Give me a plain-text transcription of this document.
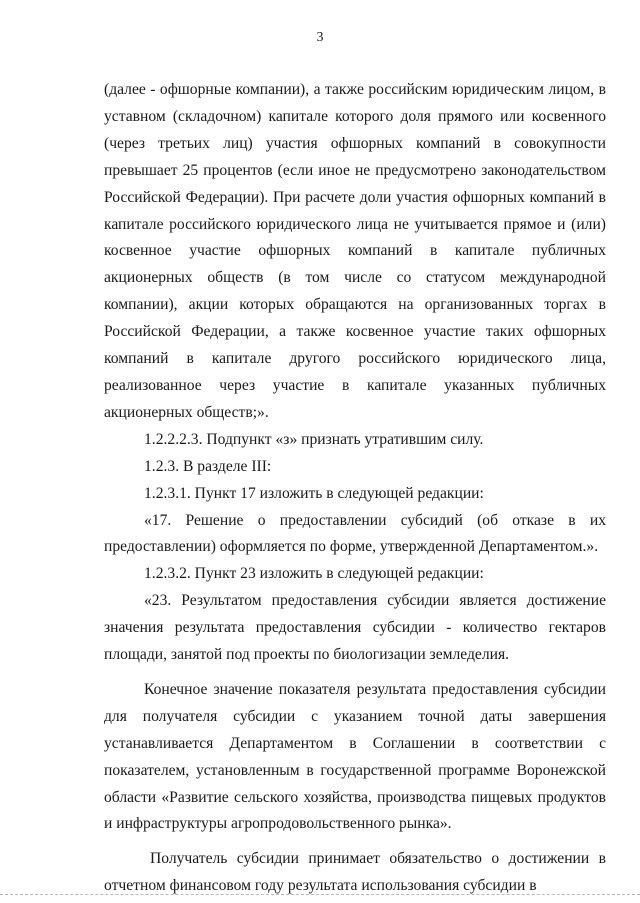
3

(далее - офшорные компании), а также российским юридическим лицом, в уставном (складочном) капитале которого доля прямого или косвенного (через третьих лиц) участия офшорных компаний в совокупности превышает 25 процентов (если иное не предусмотрено законодательством Российской Федерации). При расчете доли участия офшорных компаний в капитале российского юридического лица не учитывается прямое и (или) косвенное участие офшорных компаний в капитале публичных акционерных обществ (в том числе со статусом международной компании), акции которых обращаются на организованных торгах в Российской Федерации, а также косвенное участие таких офшорных компаний в капитале другого российского юридического лица, реализованное через участие в капитале указанных публичных акционерных обществ;».

1.2.2.2.3. Подпункт «з» признать утратившим силу.

1.2.3. В разделе III:

1.2.3.1. Пункт 17 изложить в следующей редакции:

«17. Решение о предоставлении субсидий (об отказе в их предоставлении) оформляется по форме, утвержденной Департаментом.».

1.2.3.2. Пункт 23 изложить в следующей редакции:

«23. Результатом предоставления субсидии является достижение значения результата предоставления субсидии - количество гектаров площади, занятой под проекты по биологизации земледелия.

Конечное значение показателя результата предоставления субсидии для получателя субсидии с указанием точной даты завершения устанавливается Департаментом в Соглашении в соответствии с показателем, установленным в государственной программе Воронежской области «Развитие сельского хозяйства, производства пищевых продуктов и инфраструктуры агропродовольственного рынка».

Получатель субсидии принимает обязательство о достижении в отчетном финансовом году результата использования субсидии в
